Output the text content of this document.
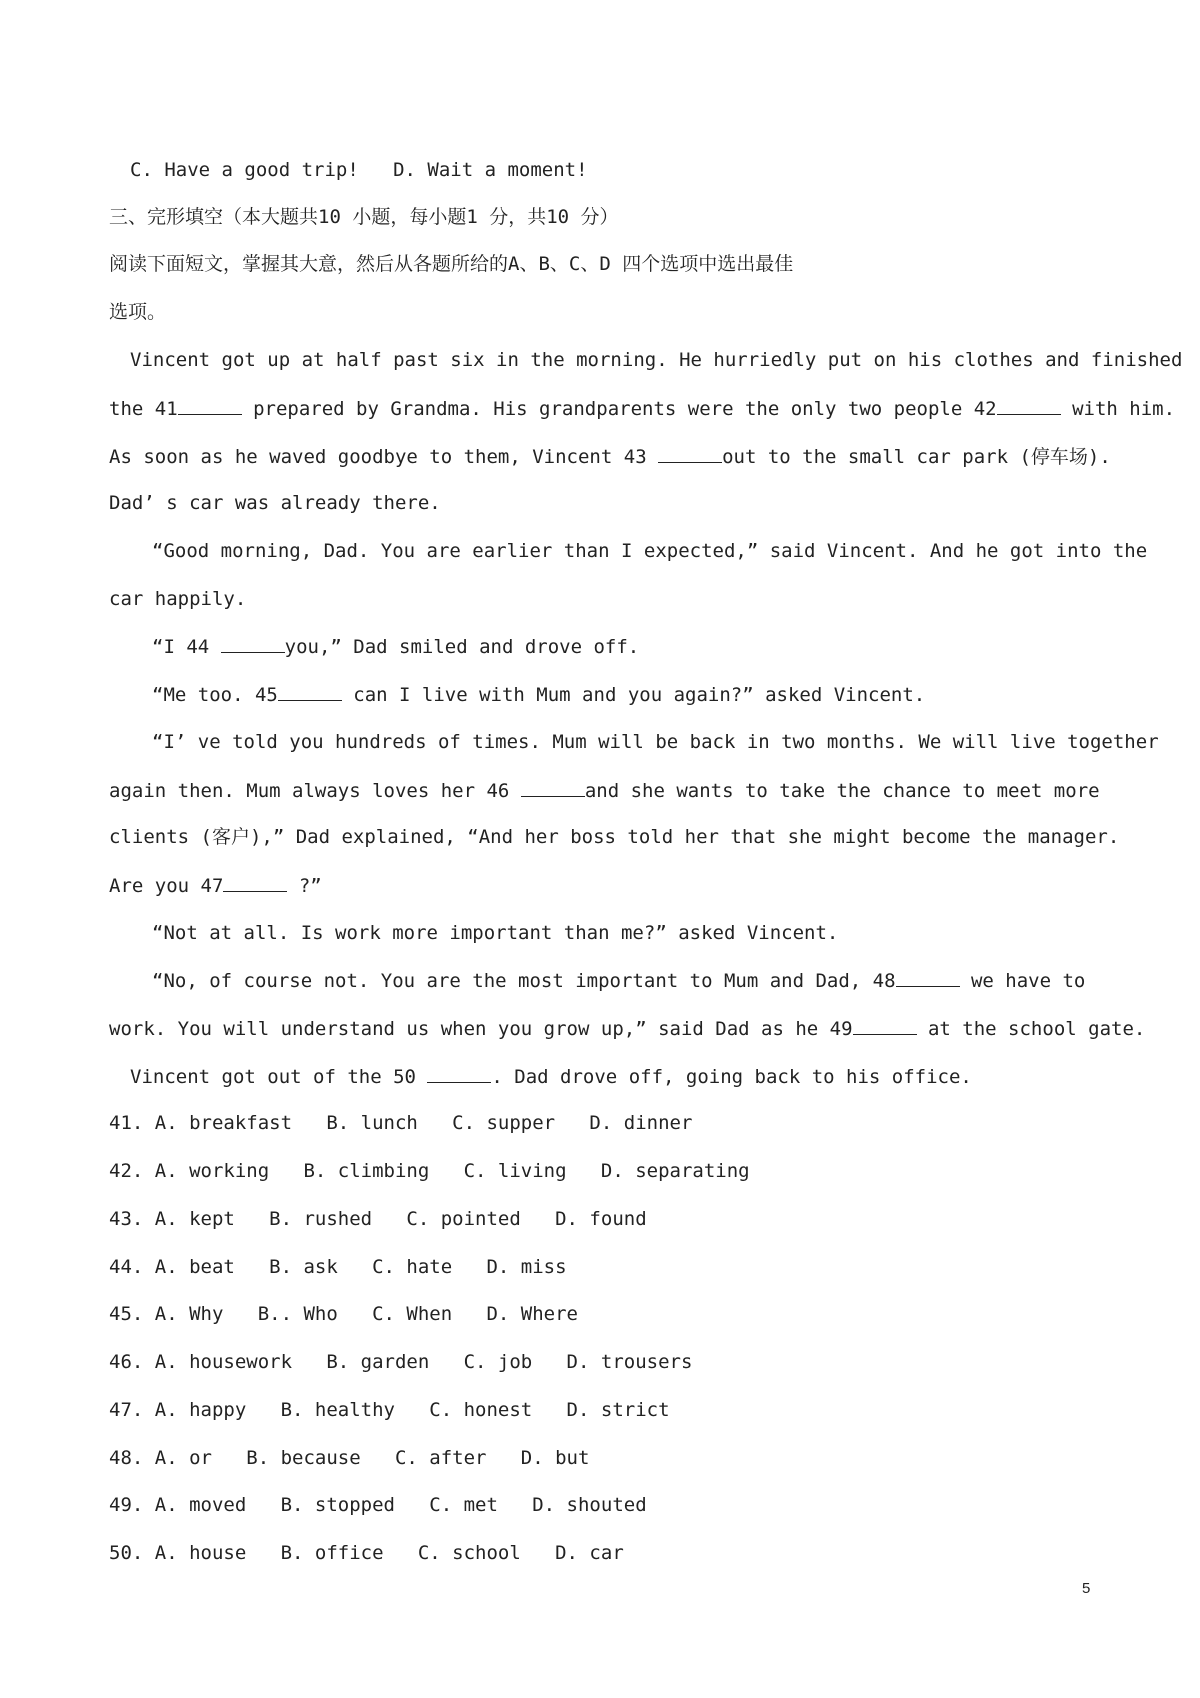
C. Have a good trip!   D. Wait a moment!
三、完形填空（本大题共10 小题，每小题1 分，共10 分）
阅读下面短文，掌握其大意，然后从各题所给的A、B、C、D 四个选项中选出最佳
选项。
Vincent got up at half past six in the morning. He hurriedly put on his clothes and finished
the 41	prepared by Grandma. His grandparents were the only two people 42	with him.
As soon as he waved goodbye to them, Vincent 43	out to the small car park (停车场).
Dad’ s car was already there.
“Good morning, Dad. You are earlier than I expected,” said Vincent. And he got into the
car happily.
“I 44	you,” Dad smiled and drove off.
“Me too. 45	can I live with Mum and you again?” asked Vincent.
“I’ ve told you hundreds of times. Mum will be back in two months. We will live together
again then. Mum always loves her 46	and she wants to take the chance to meet more
clients (客户),” Dad explained, “And her boss told her that she might become the manager.
Are you 47	?”
“Not at all. Is work more important than me?” asked Vincent.
“No, of course not. You are the most important to Mum and Dad, 48	we have to
work. You will understand us when you grow up,” said Dad as he 49	at the school gate.
Vincent got out of the 50	. Dad drove off, going back to his office.
41. A. breakfast   B. lunch   C. supper   D. dinner
42. A. working   B. climbing   C. living   D. separating
43. A. kept   B. rushed   C. pointed   D. found
44. A. beat   B. ask   C. hate   D. miss
45. A. Why   B.. Who   C. When   D. Where
46. A. housework   B. garden   C. job   D. trousers
47. A. happy   B. healthy   C. honest   D. strict
48. A. or   B. because   C. after   D. but
49. A. moved   B. stopped   C. met   D. shouted
50. A. house   B. office   C. school   D. car
5
